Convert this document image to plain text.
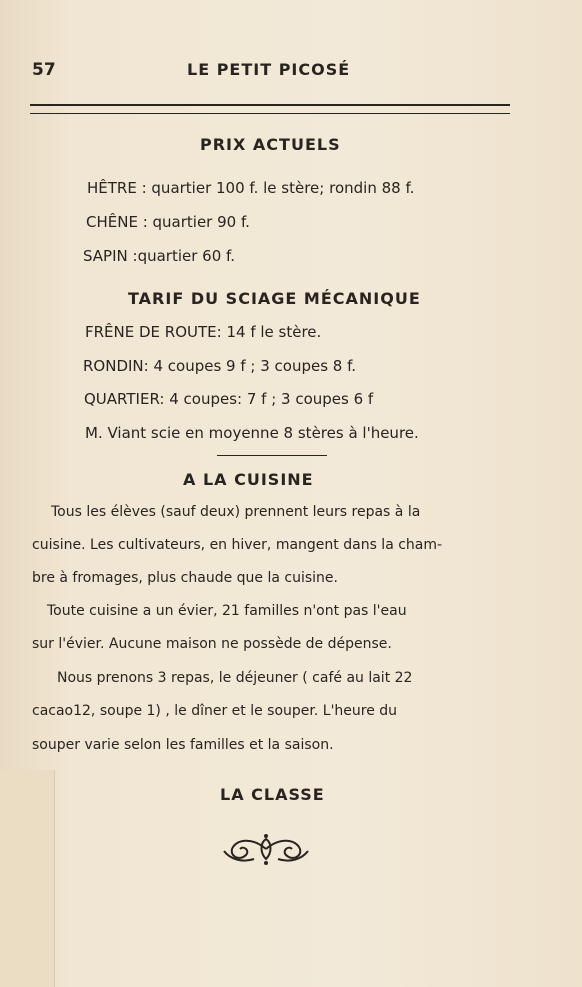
57	LE PETIT PICOSÉ
PRIX ACTUELS
HÊTRE : quartier 100 f. le stère; rondin 88 f.
CHÊNE : quartier 90 f.
SAPIN :quartier 60 f.
TARIF DU SCIAGE MÉCANIQUE
FRÊNE DE ROUTE: 14 f le stère.
RONDIN: 4 coupes 9 f ; 3 coupes 8 f.
QUARTIER: 4 coupes: 7 f ; 3 coupes 6 f
M. Viant scie en moyenne 8 stères à l'heure.
A LA CUISINE
Tous les élèves (sauf deux) prennent leurs repas à la
cuisine. Les cultivateurs, en hiver, mangent dans la cham-
bre à fromages, plus chaude que la cuisine.
Toute cuisine a un évier, 21 familles n'ont pas l'eau
sur l'évier. Aucune maison ne possède de dépense.
Nous prenons 3 repas, le déjeuner ( café au lait 22
cacao12, soupe 1) , le dîner et le souper. L'heure du
souper varie selon les familles et la saison.
LA CLASSE
